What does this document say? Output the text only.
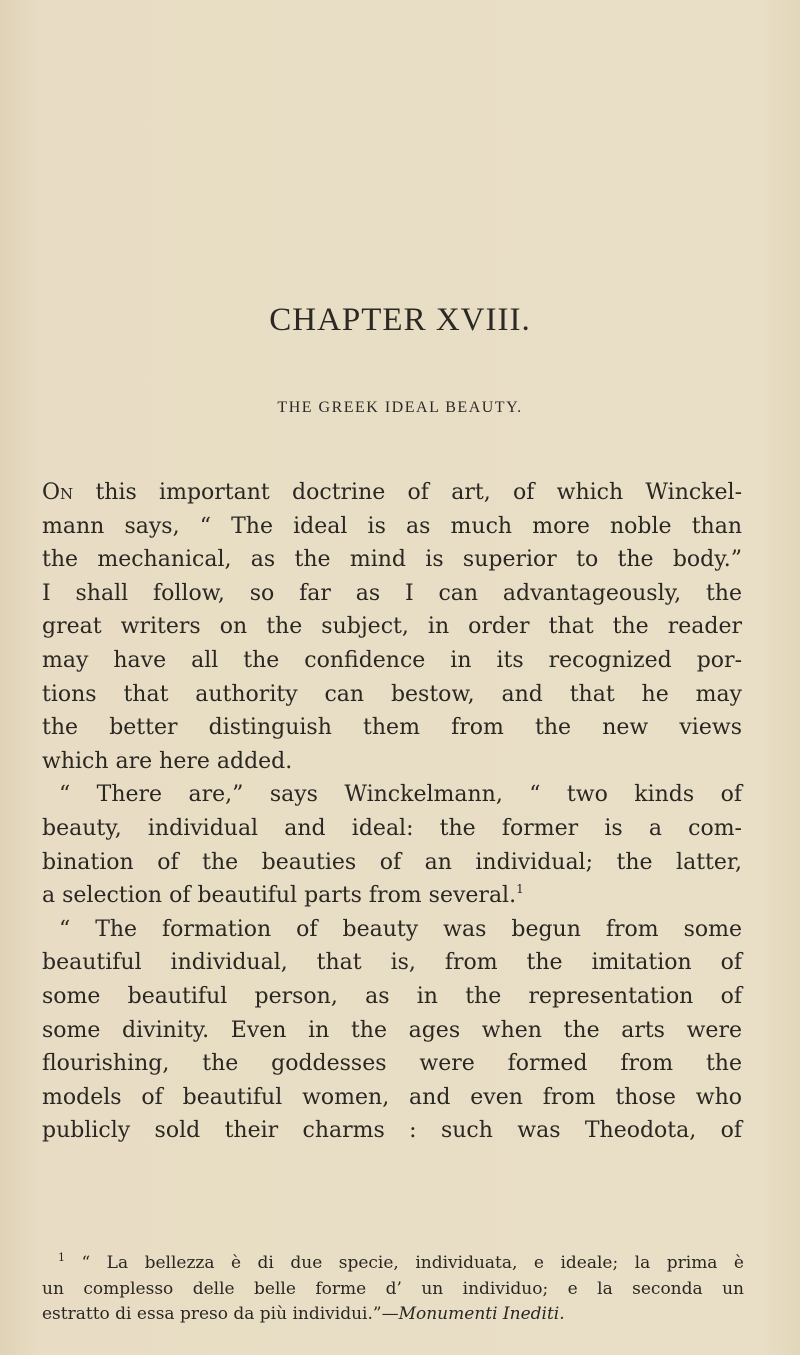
CHAPTER XVIII.
THE GREEK IDEAL BEAUTY.
On this important doctrine of art, of which Winckel-
mann says, “ The ideal is as much more noble than
the mechanical, as the mind is superior to the body.”
I shall follow, so far as I can advantageously, the
great writers on the subject, in order that the reader
may have all the confidence in its recognized por-
tions that authority can bestow, and that he may
the better distinguish them from the new views
which are here added.
“ There are,” says Winckelmann, “ two kinds of
beauty, individual and ideal: the former is a com-
bination of the beauties of an individual; the latter,
a selection of beautiful parts from several.$^1$
“ The formation of beauty was begun from some
beautiful individual, that is, from the imitation of
some beautiful person, as in the representation of
some divinity. Even in the ages when the arts were
flourishing, the goddesses were formed from the
models of beautiful women, and even from those who
publicly sold their charms : such was Theodota, of
$^1$ “ La bellezza è di due specie, individuata, e ideale; la prima è
un complesso delle belle forme d’ un individuo; e la seconda un
estratto di essa preso da più individui.”—Monumenti Inediti.
